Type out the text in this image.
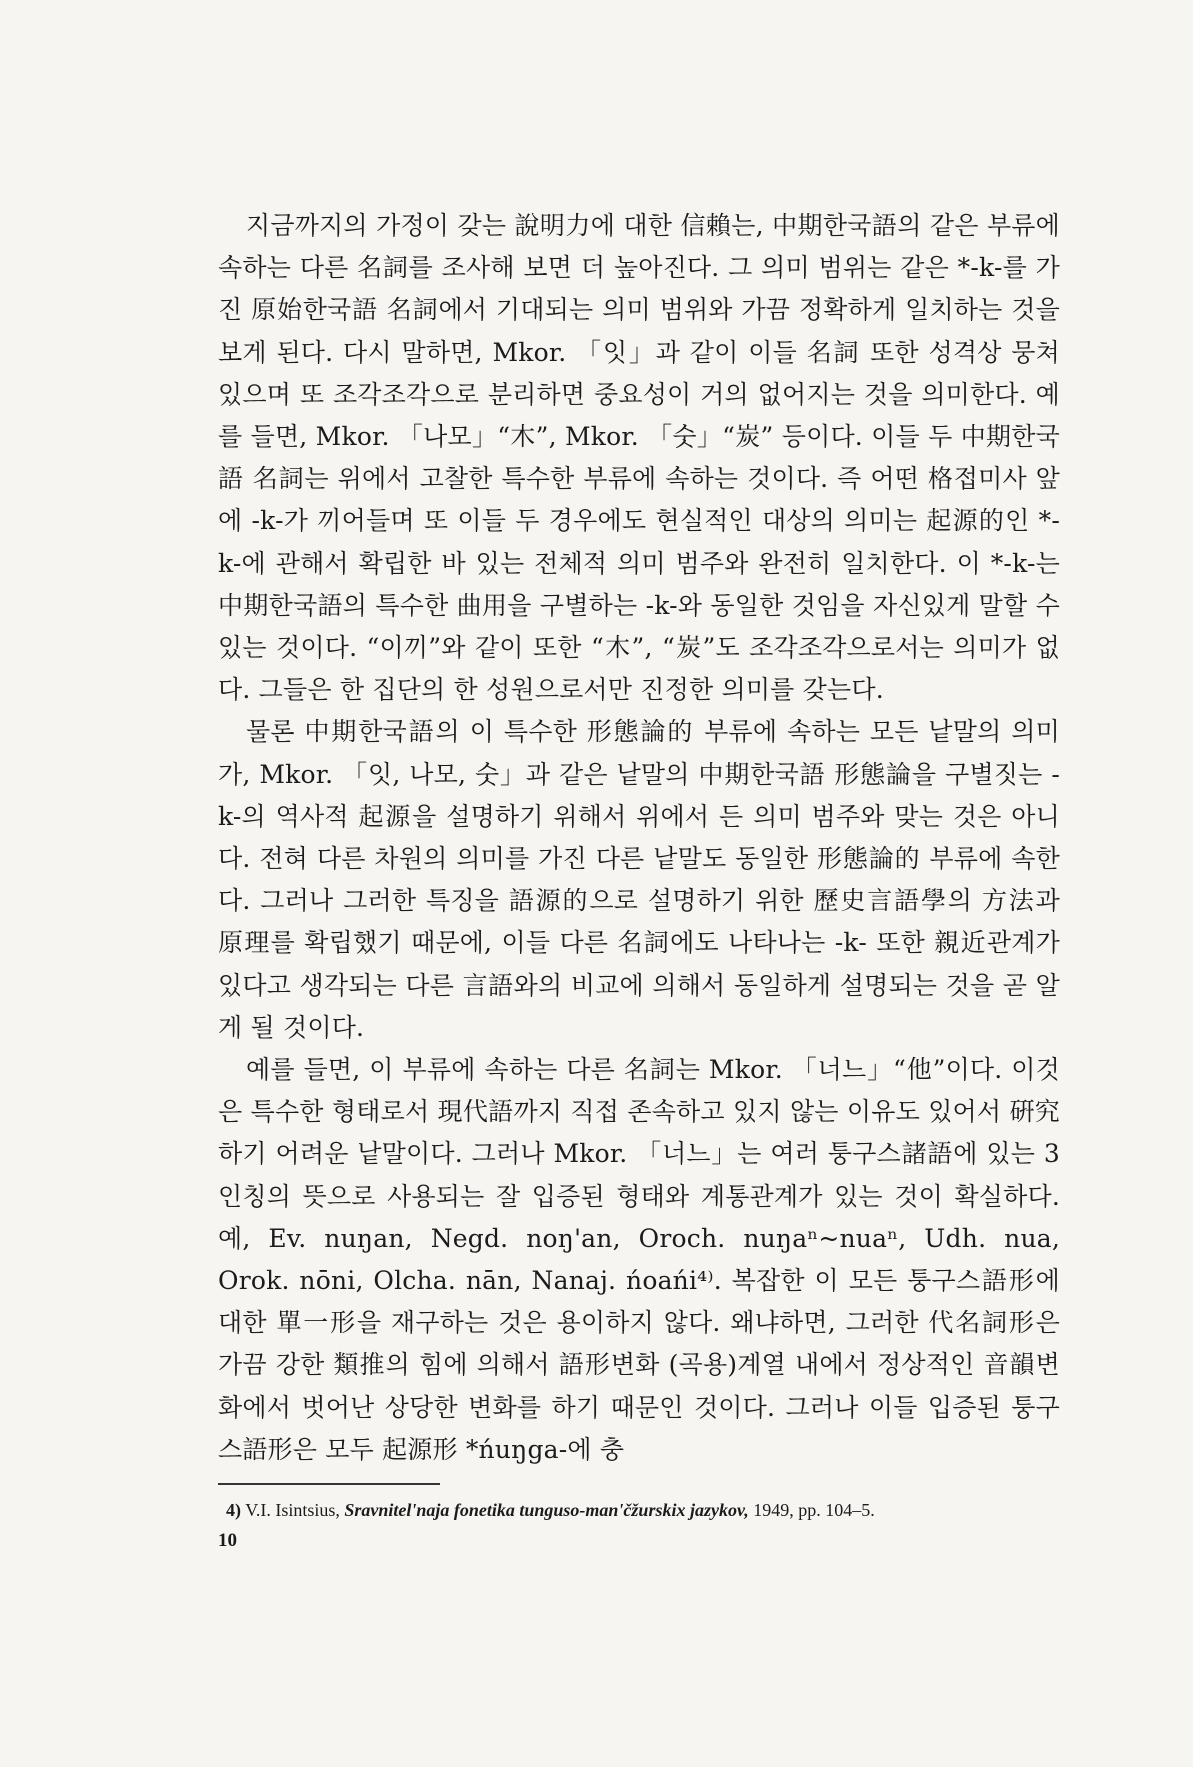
지금까지의 가정이 갖는 說明力에 대한 信賴는, 中期한국語의 같은 부류에 속하는 다른 名詞를 조사해 보면 더 높아진다. 그 의미 범위는 같은 *-k-를 가진 原始한국語 名詞에서 기대되는 의미 범위와 가끔 정확하게 일치하는 것을 보게 된다. 다시 말하면, Mkor. 「잇」과 같이 이들 名詞 또한 성격상 뭉쳐 있으며 또 조각조각으로 분리하면 중요성이 거의 없어지는 것을 의미한다. 예를 들면, Mkor. 「나모」“木”, Mkor. 「숫」“炭” 등이다. 이들 두 中期한국語 名詞는 위에서 고찰한 특수한 부류에 속하는 것이다. 즉 어떤 格접미사 앞에 -k-가 끼어들며 또 이들 두 경우에도 현실적인 대상의 의미는 起源的인 *-k-에 관해서 확립한 바 있는 전체적 의미 범주와 완전히 일치한다. 이 *-k-는 中期한국語의 특수한 曲用을 구별하는 -k-와 동일한 것임을 자신있게 말할 수 있는 것이다. “이끼”와 같이 또한 “木”, “炭”도 조각조각으로서는 의미가 없다. 그들은 한 집단의 한 성원으로서만 진정한 의미를 갖는다.

물론 中期한국語의 이 특수한 形態論的 부류에 속하는 모든 낱말의 의미가, Mkor. 「잇, 나모, 숫」과 같은 낱말의 中期한국語 形態論을 구별짓는 -k-의 역사적 起源을 설명하기 위해서 위에서 든 의미 범주와 맞는 것은 아니다. 전혀 다른 차원의 의미를 가진 다른 낱말도 동일한 形態論的 부류에 속한다. 그러나 그러한 특징을 語源的으로 설명하기 위한 歷史言語學의 方法과 原理를 확립했기 때문에, 이들 다른 名詞에도 나타나는 -k- 또한 親近관계가 있다고 생각되는 다른 言語와의 비교에 의해서 동일하게 설명되는 것을 곧 알게 될 것이다.

예를 들면, 이 부류에 속하는 다른 名詞는 Mkor. 「너느」“他”이다. 이것은 특수한 형태로서 現代語까지 직접 존속하고 있지 않는 이유도 있어서 硏究하기 어려운 낱말이다. 그러나 Mkor. 「너느」는 여러 퉁구스諸語에 있는 3인칭의 뜻으로 사용되는 잘 입증된 형태와 계통관계가 있는 것이 확실하다. 예, Ev. nuŋan, Negd. noŋ'an, Oroch. nuŋaⁿ~nuaⁿ, Udh. nua, Orok. nōni, Olcha. nān, Nanaj. ńoańi⁴⁾. 복잡한 이 모든 퉁구스語形에 대한 單一形을 재구하는 것은 용이하지 않다. 왜냐하면, 그러한 代名詞形은 가끔 강한 類推의 힘에 의해서 語形변화 (곡용)계열 내에서 정상적인 音韻변화에서 벗어난 상당한 변화를 하기 때문인 것이다. 그러나 이들 입증된 퉁구스語形은 모두 起源形 *ńuŋga-에 충

4) V.I. Isintsius, Sravnitel'naja fonetika tunguso-man'čžurskix jazykov, 1949, pp. 104–5.
10
